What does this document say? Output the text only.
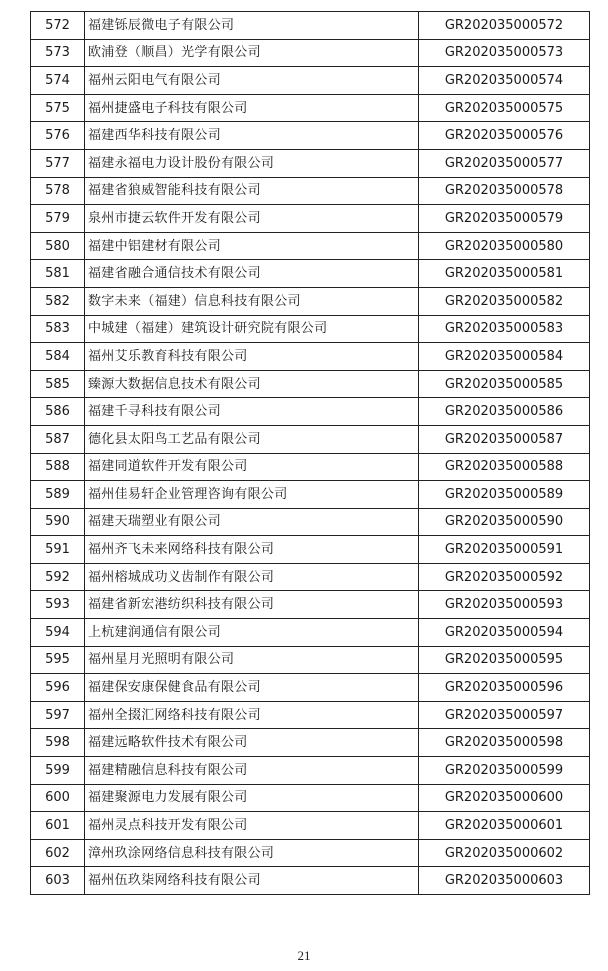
572	福建铄辰微电子有限公司	GR202035000572
573	欧浦登（顺昌）光学有限公司	GR202035000573
574	福州云阳电气有限公司	GR202035000574
575	福州捷盛电子科技有限公司	GR202035000575
576	福建西华科技有限公司	GR202035000576
577	福建永福电力设计股份有限公司	GR202035000577
578	福建省狼威智能科技有限公司	GR202035000578
579	泉州市捷云软件开发有限公司	GR202035000579
580	福建中铝建材有限公司	GR202035000580
581	福建省融合通信技术有限公司	GR202035000581
582	数字未来（福建）信息科技有限公司	GR202035000582
583	中城建（福建）建筑设计研究院有限公司	GR202035000583
584	福州艾乐教育科技有限公司	GR202035000584
585	臻源大数据信息技术有限公司	GR202035000585
586	福建千寻科技有限公司	GR202035000586
587	德化县太阳鸟工艺品有限公司	GR202035000587
588	福建同道软件开发有限公司	GR202035000588
589	福州佳易轩企业管理咨询有限公司	GR202035000589
590	福建天瑞塑业有限公司	GR202035000590
591	福州齐飞未来网络科技有限公司	GR202035000591
592	福州榕城成功义齿制作有限公司	GR202035000592
593	福建省新宏港纺织科技有限公司	GR202035000593
594	上杭建润通信有限公司	GR202035000594
595	福州星月光照明有限公司	GR202035000595
596	福建保安康保健食品有限公司	GR202035000596
597	福州全掇汇网络科技有限公司	GR202035000597
598	福建远略软件技术有限公司	GR202035000598
599	福建精融信息科技有限公司	GR202035000599
600	福建聚源电力发展有限公司	GR202035000600
601	福州灵点科技开发有限公司	GR202035000601
602	漳州玖涂网络信息科技有限公司	GR202035000602
603	福州伍玖柒网络科技有限公司	GR202035000603
21
